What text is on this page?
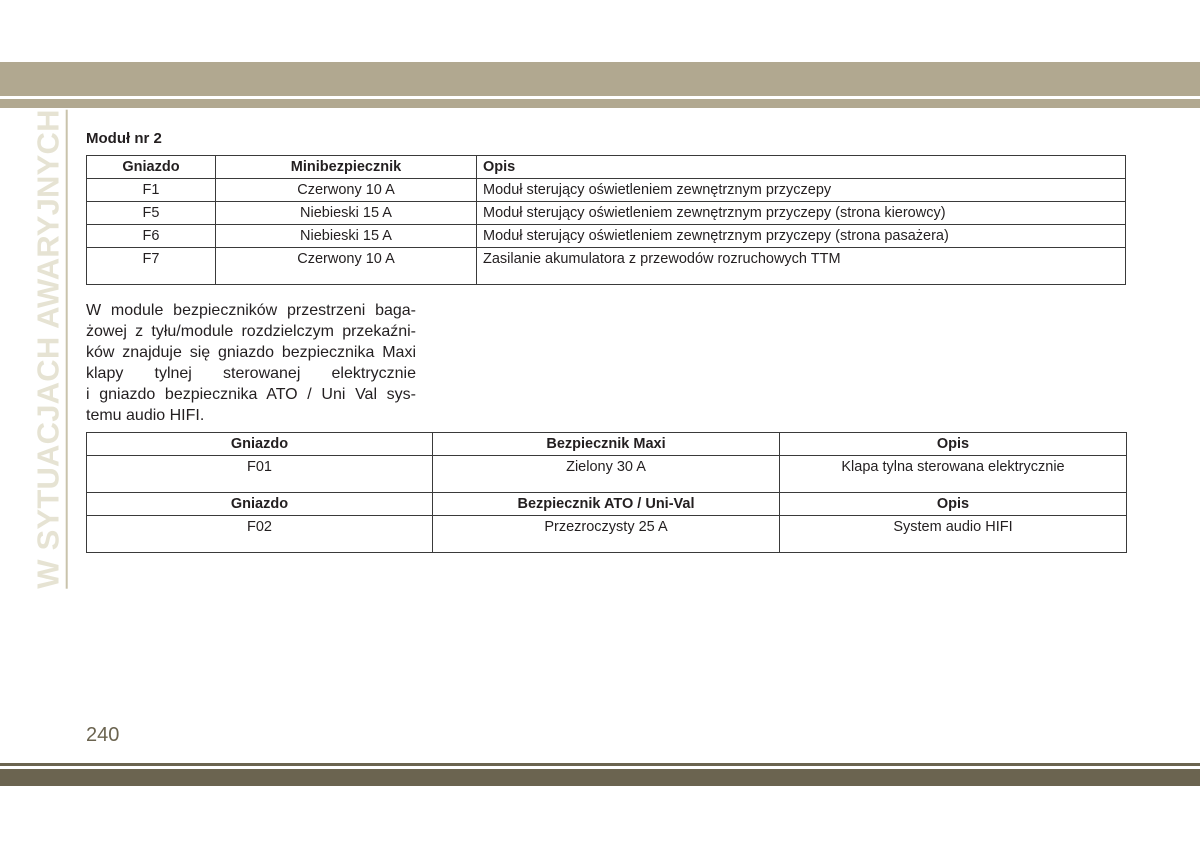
W SYTUACJACH AWARYJNYCH Moduł nr 2
Gniazdo	Minibezpiecznik	Opis
F1	Czerwony 10 A	Moduł sterujący oświetleniem zewnętrznym przyczepy
F5	Niebieski 15 A	Moduł sterujący oświetleniem zewnętrznym przyczepy (strona kierowcy)
F6	Niebieski 15 A	Moduł sterujący oświetleniem zewnętrznym przyczepy (strona pasażera)
F7	Czerwony 10 A	Zasilanie akumulatora z przewodów rozruchowych TTM
W module bezpieczników przestrzeni baga-
żowej z tyłu/module rozdzielczym przekaźni-
ków znajduje się gniazdo bezpiecznika Maxi
klapy tylnej sterowanej elektrycznie
i gniazdo bezpiecznika ATO / Uni Val sys-
temu audio HIFI.
Gniazdo	Bezpiecznik Maxi	Opis
F01	Zielony 30 A	Klapa tylna sterowana elektrycznie
Gniazdo	Bezpiecznik ATO / Uni-Val	Opis
F02	Przezroczysty 25 A	System audio HIFI
240
